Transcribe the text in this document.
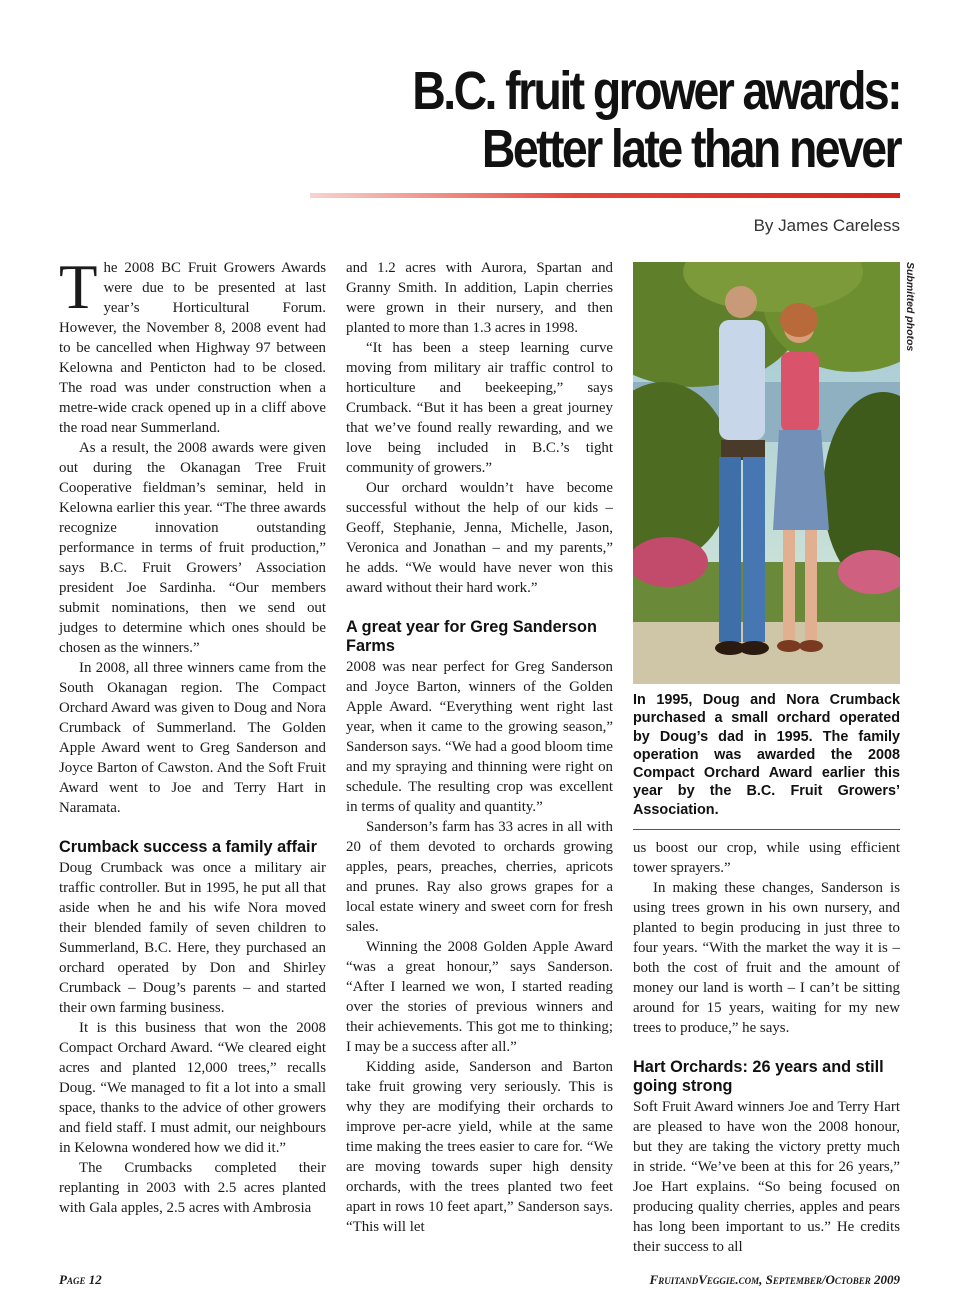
B.C. fruit grower awards:
Better late than never
By James Careless

The 2008 BC Fruit Growers Awards were due to be presented at last year’s Horticultural Forum. However, the November 8, 2008 event had to be cancelled when Highway 97 between Kelowna and Penticton had to be closed. The road was under construction when a metre-wide crack opened up in a cliff above the road near Summerland.

As a result, the 2008 awards were given out during the Okanagan Tree Fruit Cooperative fieldman’s seminar, held in Kelowna earlier this year. “The three awards recognize innovation outstanding performance in terms of fruit production,” says B.C. Fruit Growers’ Association president Joe Sardinha. “Our members submit nominations, then we send out judges to determine which ones should be chosen as the winners.”

In 2008, all three winners came from the South Okanagan region. The Compact Orchard Award was given to Doug and Nora Crumback of Summerland. The Golden Apple Award went to Greg Sanderson and Joyce Barton of Cawston. And the Soft Fruit Award went to Joe and Terry Hart in Naramata.

Crumback success a family affair

Doug Crumback was once a military air traffic controller. But in 1995, he put all that aside when he and his wife Nora moved their blended family of seven children to Summerland, B.C. Here, they purchased an orchard operated by Don and Shirley Crumback – Doug’s parents – and started their own farming business.

It is this business that won the 2008 Compact Orchard Award. “We cleared eight acres and planted 12,000 trees,” recalls Doug. “We managed to fit a lot into a small space, thanks to the advice of other growers and field staff. I must admit, our neighbours in Kelowna wondered how we did it.”

The Crumbacks completed their replanting in 2003 with 2.5 acres planted with Gala apples, 2.5 acres with Ambrosia

and 1.2 acres with Aurora, Spartan and Granny Smith. In addition, Lapin cherries were grown in their nursery, and then planted to more than 1.3 acres in 1998.

“It has been a steep learning curve moving from military air traffic control to horticulture and beekeeping,” says Crumback. “But it has been a great journey that we’ve found really rewarding, and we love being included in B.C.’s tight community of growers.”

Our orchard wouldn’t have become successful without the help of our kids – Geoff, Stephanie, Jenna, Michelle, Jason, Veronica and Jonathan – and my parents,” he adds. “We would have never won this award without their hard work.”

A great year for Greg Sanderson Farms

2008 was near perfect for Greg Sanderson and Joyce Barton, winners of the Golden Apple Award. “Everything went right last year, when it came to the growing season,” Sanderson says. “We had a good bloom time and my spraying and thinning were right on schedule. The resulting crop was excellent in terms of quality and quantity.”

Sanderson’s farm has 33 acres in all with 20 of them devoted to orchards growing apples, pears, preaches, cherries, apricots and prunes. Ray also grows grapes for a local estate winery and sweet corn for fresh sales.

Winning the 2008 Golden Apple Award “was a great honour,” says Sanderson. “After I learned we won, I started reading over the stories of previous winners and their achievements. This got me to thinking; I may be a success after all.”

Kidding aside, Sanderson and Barton take fruit growing very seriously. This is why they are modifying their orchards to improve per-acre yield, while at the same time making the trees easier to care for. “We are moving towards super high density orchards, with the trees planted two feet apart in rows 10 feet apart,” Sanderson says. “This will let

Submitted photos
In 1995, Doug and Nora Crumback purchased a small orchard operated by Doug’s dad in 1995. The family operation was awarded the 2008 Compact Orchard Award earlier this year by the B.C. Fruit Growers’ Association.

us boost our crop, while using efficient tower sprayers.”

In making these changes, Sanderson is using trees grown in his own nursery, and planted to begin producing in just three to four years. “With the market the way it is – both the cost of fruit and the amount of money our land is worth – I can’t be sitting around for 15 years, waiting for my new trees to produce,” he says.

Hart Orchards: 26 years and still going strong

Soft Fruit Award winners Joe and Terry Hart are pleased to have won the 2008 honour, but they are taking the victory pretty much in stride. “We’ve been at this for 26 years,” Joe Hart explains. “So being focused on producing quality cherries, apples and pears has long been important to us.” He credits their success to all

Page 12	FruitandVeggie.com, September/October 2009
